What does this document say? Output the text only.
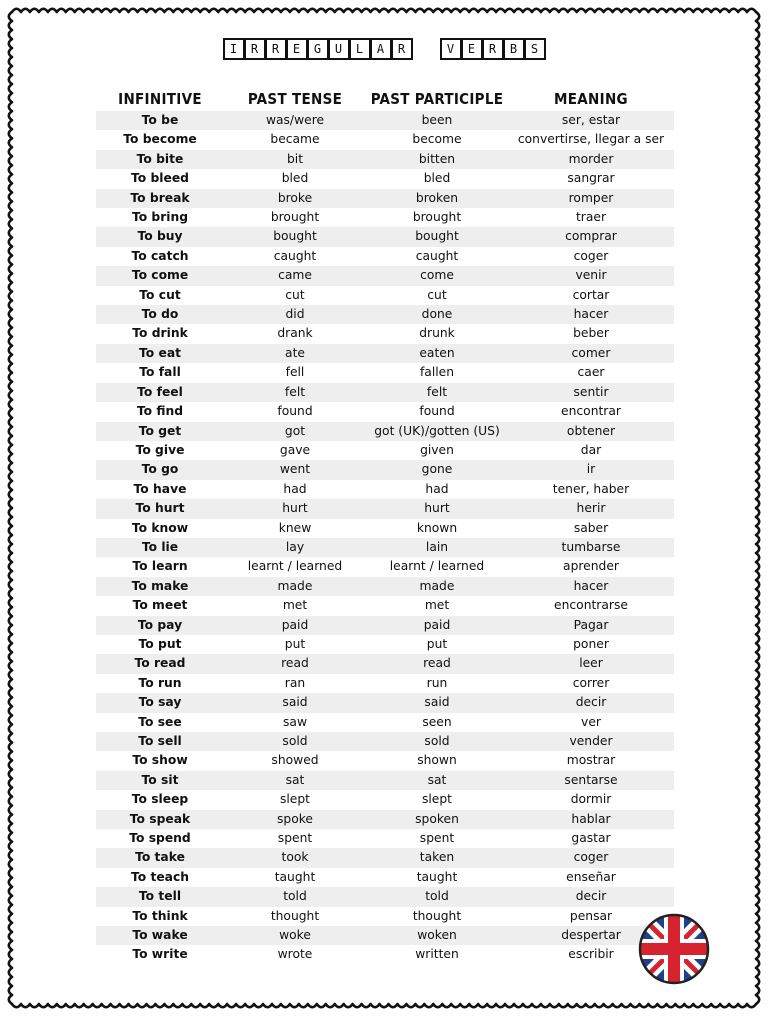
I	R	R	E	G	U	L	A	R	V	E	R	B	S
INFINITIVE	PAST TENSE	PAST PARTICIPLE	MEANING
To be	was/were	been	ser, estar
To become	became	become	convertirse, llegar a ser
To bite	bit	bitten	morder
To bleed	bled	bled	sangrar
To break	broke	broken	romper
To bring	brought	brought	traer
To buy	bought	bought	comprar
To catch	caught	caught	coger
To come	came	come	venir
To cut	cut	cut	cortar
To do	did	done	hacer
To drink	drank	drunk	beber
To eat	ate	eaten	comer
To fall	fell	fallen	caer
To feel	felt	felt	sentir
To find	found	found	encontrar
To get	got	got (UK)/gotten (US)	obtener
To give	gave	given	dar
To go	went	gone	ir
To have	had	had	tener, haber
To hurt	hurt	hurt	herir
To know	knew	known	saber
To lie	lay	lain	tumbarse
To learn	learnt / learned	learnt / learned	aprender
To make	made	made	hacer
To meet	met	met	encontrarse
To pay	paid	paid	Pagar
To put	put	put	poner
To read	read	read	leer
To run	ran	run	correr
To say	said	said	decir
To see	saw	seen	ver
To sell	sold	sold	vender
To show	showed	shown	mostrar
To sit	sat	sat	sentarse
To sleep	slept	slept	dormir
To speak	spoke	spoken	hablar
To spend	spent	spent	gastar
To take	took	taken	coger
To teach	taught	taught	enseñar
To tell	told	told	decir
To think	thought	thought	pensar
To wake	woke	woken	despertar
To write	wrote	written	escribir
